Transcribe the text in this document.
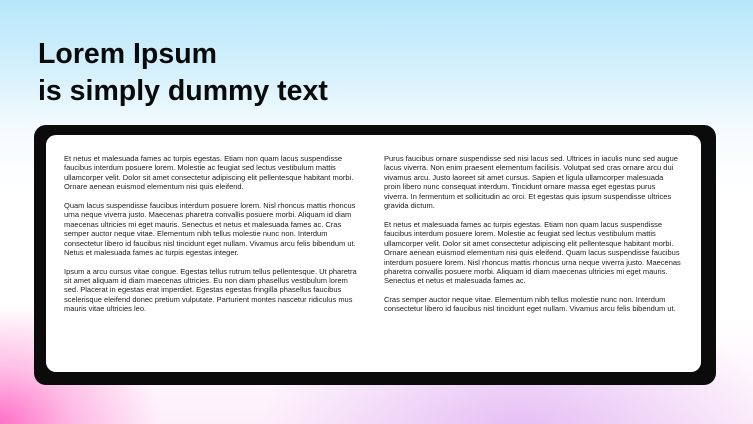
Lorem Ipsum
is simply dummy text

Et netus et malesuada fames ac turpis egestas. Etiam non quam lacus suspendisse faucibus interdum posuere lorem. Molestie ac feugiat sed lectus vestibulum mattis ullamcorper velit. Dolor sit amet consectetur adipiscing elit pellentesque habitant morbi. Ornare aenean euismod elementum nisi quis eleifend.

Quam lacus suspendisse faucibus interdum posuere lorem. Nisl rhoncus mattis rhoncus urna neque viverra justo. Maecenas pharetra convallis posuere morbi. Aliquam id diam maecenas ultricies mi eget mauris. Senectus et netus et malesuada fames ac. Cras semper auctor neque vitae. Elementum nibh tellus molestie nunc non. Interdum consectetur libero id faucibus nisl tincidunt eget nullam. Vivamus arcu felis bibendum ut. Netus et malesuada fames ac turpis egestas integer.

Ipsum a arcu cursus vitae congue. Egestas tellus rutrum tellus pellentesque. Ut pharetra sit amet aliquam id diam maecenas ultricies. Eu non diam phasellus vestibulum lorem sed. Placerat in egestas erat imperdiet. Egestas egestas fringilla phasellus faucibus scelerisque eleifend donec pretium vulputate. Parturient montes nascetur ridiculus mus mauris vitae ultricies leo.

Purus faucibus ornare suspendisse sed nisi lacus sed. Ultrices in iaculis nunc sed augue lacus viverra. Non enim praesent elementum facilisis. Volutpat sed cras ornare arcu dui vivamus arcu. Justo laoreet sit amet cursus. Sapien et ligula ullamcorper malesuada proin libero nunc consequat interdum. Tincidunt ornare massa eget egestas purus viverra. In fermentum et sollicitudin ac orci. Et egestas quis ipsum suspendisse ultrices gravida dictum.

Et netus et malesuada fames ac turpis egestas. Etiam non quam lacus suspendisse faucibus interdum posuere lorem. Molestie ac feugiat sed lectus vestibulum mattis ullamcorper velit. Dolor sit amet consectetur adipiscing elit pellentesque habitant morbi. Ornare aenean euismod elementum nisi quis eleifend. Quam lacus suspendisse faucibus interdum posuere lorem. Nisl rhoncus mattis rhoncus urna neque viverra justo. Maecenas pharetra convallis posuere morbi. Aliquam id diam maecenas ultricies mi eget mauris. Senectus et netus et malesuada fames ac.

Cras semper auctor neque vitae. Elementum nibh tellus molestie nunc non. Interdum consectetur libero id faucibus nisl tincidunt eget nullam. Vivamus arcu felis bibendum ut.
